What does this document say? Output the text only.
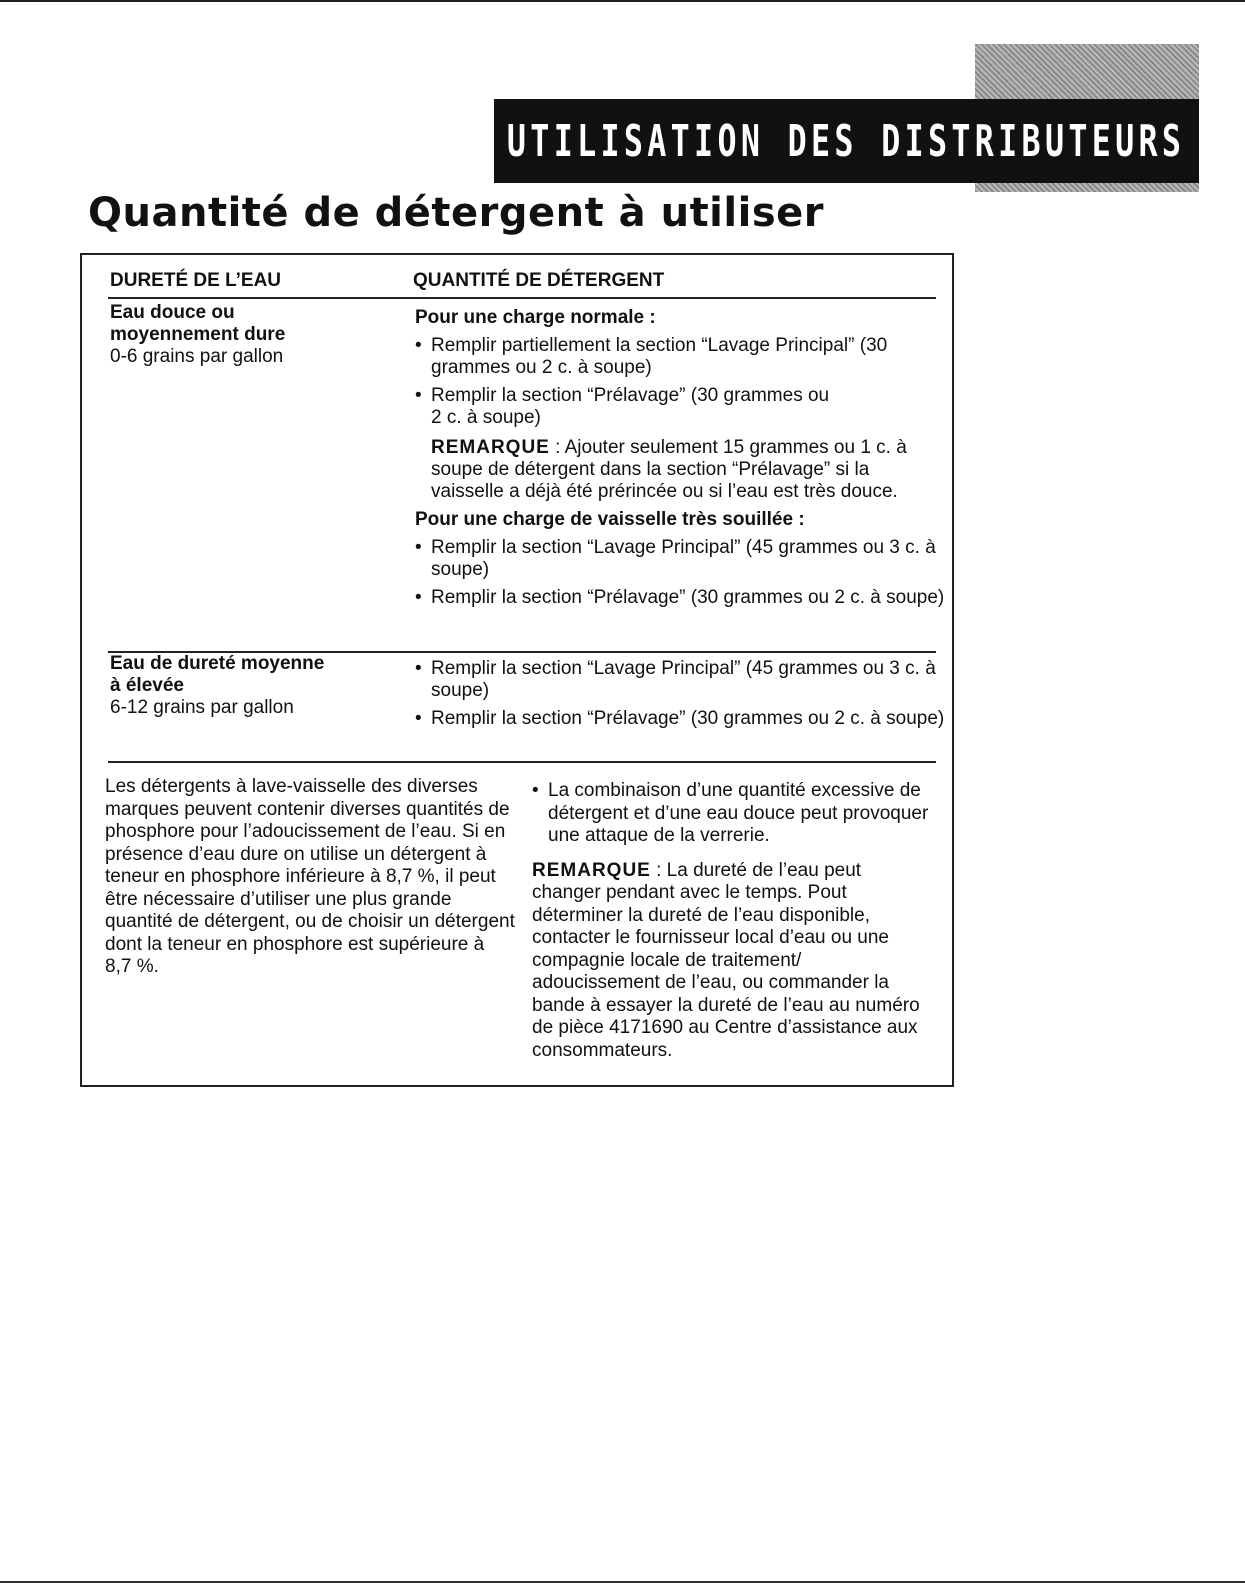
UTILISATION DES DISTRIBUTEURS
Quantité de détergent à utiliser
DURETÉ DE L’EAU	QUANTITÉ DE DÉTERGENT
Eau douce ou moyennement dure
0-6 grains par gallon
Pour une charge normale :
• Remplir partiellement la section “Lavage Principal” (30 grammes ou 2 c. à soupe)
• Remplir la section “Prélavage” (30 grammes ou 2 c. à soupe)
REMARQUE : Ajouter seulement 15 grammes ou 1 c. à soupe de détergent dans la section “Prélavage” si la vaisselle a déjà été prérincée ou si l’eau est très douce.
Pour une charge de vaisselle très souillée :
• Remplir la section “Lavage Principal” (45 grammes ou 3 c. à soupe)
• Remplir la section “Prélavage” (30 grammes ou 2 c. à soupe)
Eau de dureté moyenne à élevée
6-12 grains par gallon
• Remplir la section “Lavage Principal” (45 grammes ou 3 c. à soupe)
• Remplir la section “Prélavage” (30 grammes ou 2 c. à soupe)
Les détergents à lave-vaisselle des diverses marques peuvent contenir diverses quantités de phosphore pour l’adoucissement de l’eau. Si en présence d’eau dure on utilise un détergent à teneur en phosphore inférieure à 8,7 %, il peut être nécessaire d’utiliser une plus grande quantité de détergent, ou de choisir un détergent dont la teneur en phosphore est supérieure à 8,7 %.
• La combinaison d’une quantité excessive de détergent et d’une eau douce peut provoquer une attaque de la verrerie.
REMARQUE : La dureté de l’eau peut changer pendant avec le temps. Pout déterminer la dureté de l’eau disponible, contacter le fournisseur local d’eau ou une compagnie locale de traitement/ adoucissement de l’eau, ou commander la bande à essayer la dureté de l’eau au numéro de pièce 4171690 au Centre d’assistance aux consommateurs.
